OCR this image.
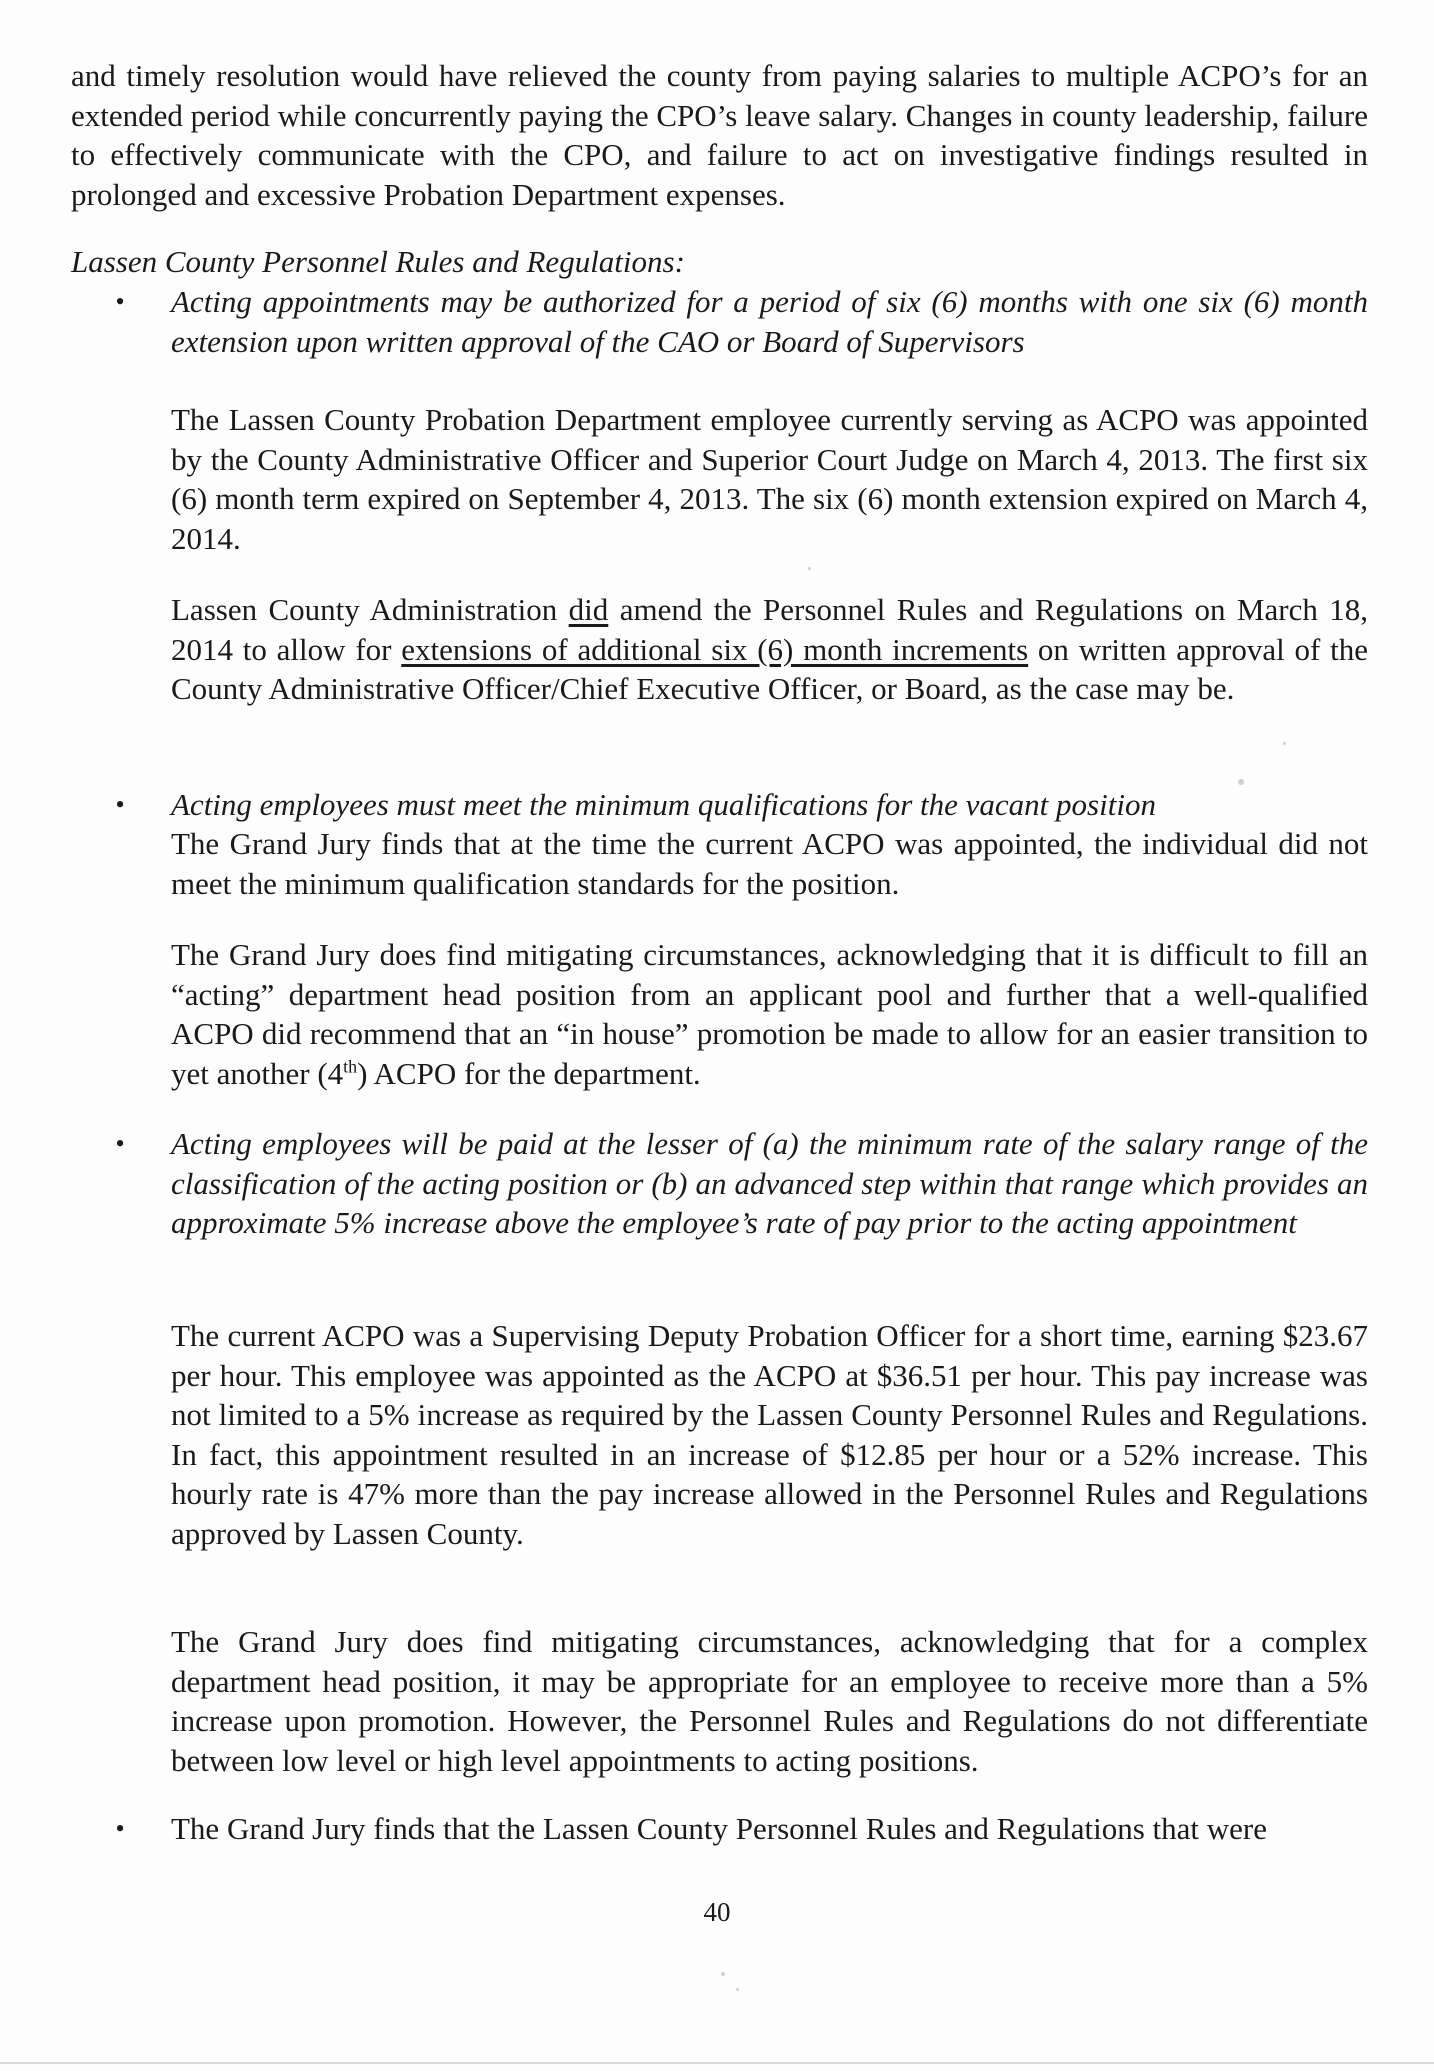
and timely resolution would have relieved the county from paying salaries to multiple ACPO’s for an extended period while concurrently paying the CPO’s leave salary. Changes in county leadership, failure to effectively communicate with the CPO, and failure to act on investigative findings resulted in prolonged and excessive Probation Department expenses.

Lassen County Personnel Rules and Regulations:

• Acting appointments may be authorized for a period of six (6) months with one six (6) month extension upon written approval of the CAO or Board of Supervisors

The Lassen County Probation Department employee currently serving as ACPO was appointed by the County Administrative Officer and Superior Court Judge on March 4, 2013. The first six (6) month term expired on September 4, 2013. The six (6) month extension expired on March 4, 2014.

Lassen County Administration did amend the Personnel Rules and Regulations on March 18, 2014 to allow for extensions of additional six (6) month increments on written approval of the County Administrative Officer/Chief Executive Officer, or Board, as the case may be.

• Acting employees must meet the minimum qualifications for the vacant position

The Grand Jury finds that at the time the current ACPO was appointed, the individual did not meet the minimum qualification standards for the position.

The Grand Jury does find mitigating circumstances, acknowledging that it is difficult to fill an “acting” department head position from an applicant pool and further that a well-qualified ACPO did recommend that an “in house” promotion be made to allow for an easier transition to yet another (4th) ACPO for the department.

• Acting employees will be paid at the lesser of (a) the minimum rate of the salary range of the classification of the acting position or (b) an advanced step within that range which provides an approximate 5% increase above the employee’s rate of pay prior to the acting appointment

The current ACPO was a Supervising Deputy Probation Officer for a short time, earning $23.67 per hour. This employee was appointed as the ACPO at $36.51 per hour. This pay increase was not limited to a 5% increase as required by the Lassen County Personnel Rules and Regulations. In fact, this appointment resulted in an increase of $12.85 per hour or a 52% increase. This hourly rate is 47% more than the pay increase allowed in the Personnel Rules and Regulations approved by Lassen County.

The Grand Jury does find mitigating circumstances, acknowledging that for a complex department head position, it may be appropriate for an employee to receive more than a 5% increase upon promotion. However, the Personnel Rules and Regulations do not differentiate between low level or high level appointments to acting positions.

• The Grand Jury finds that the Lassen County Personnel Rules and Regulations that were

40
